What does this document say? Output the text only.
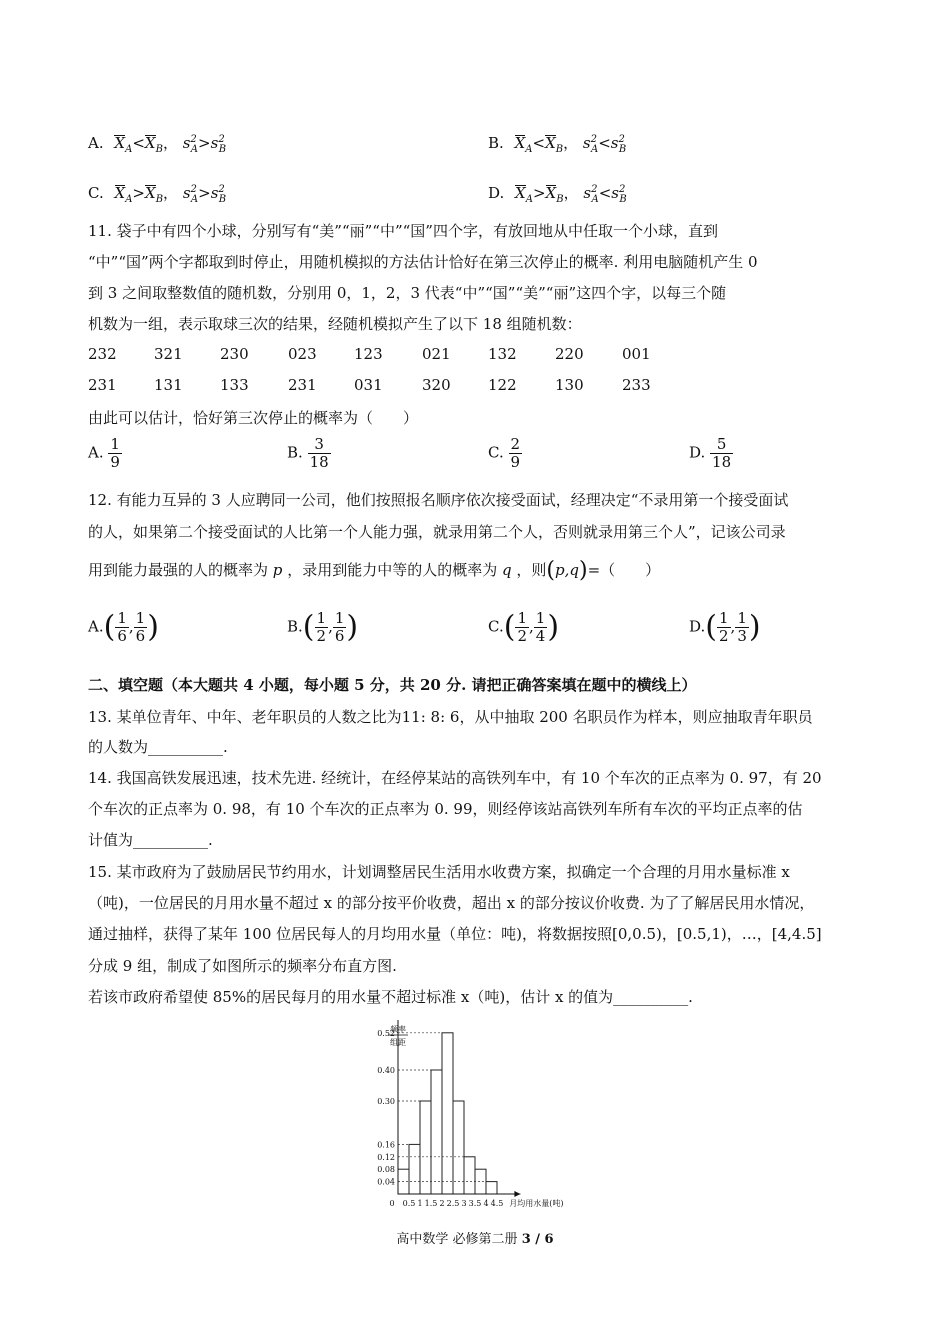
A. $X_A<X_B$， $s^2_A>s^2_B$	B. $X_A<X_B$， $s^2_A<s^2_B$
C. $X_A>X_B$， $s^2_A>s^2_B$	D. $X_A>X_B$， $s^2_A<s^2_B$
11. 袋子中有四个小球，分别写有“美”“丽”“中”“国”四个字，有放回地从中任取一个小球，直到
“中”“国”两个字都取到时停止，用随机模拟的方法估计恰好在第三次停止的概率. 利用电脑随机产生 0
到 3 之间取整数值的随机数，分别用 0，1，2，3 代表“中”“国”“美”“丽”这四个字，以每三个随
机数为一组，表示取球三次的结果，经随机模拟产生了以下 18 组随机数：
232 321 230	023 123	021 132	220	001
231 131 133	231 031	320 122	130	233
由此可以估计，恰好第三次停止的概率为（　　）
A. $\frac{1}{9}$	B. $\frac{3}{18}$	C. $\frac{2}{9}$	D. $\frac{5}{18}$
12. 有能力互异的 3 人应聘同一公司，他们按照报名顺序依次接受面试，经理决定“不录用第一个接受面试
的人，如果第二个接受面试的人比第一个人能力强，就录用第二个人，否则就录用第三个人”，记该公司录
用到能力最强的人的概率为 p ，录用到能力中等的人的概率为 q ，则(p,q)=（　　）
$A.( \frac{1}{6}$ , $\frac{1}{6}$ )	$B.( \frac{1}{2}$ , $\frac{1}{6}$ )	$C.( \frac{1}{2}$ , $\frac{1}{4}$ )	$D.( \frac{1}{2}$ , $\frac{1}{3}$ )
二、填空题（本大题共 4 小题，每小题 5 分，共 20 分. 请把正确答案填在题中的横线上）
13. 某单位青年、中年、老年职员的人数之比为11: 8: 6，从中抽取 200 名职员作为样本，则应抽取青年职员
的人数为__________.
14. 我国高铁发展迅速，技术先进. 经统计，在经停某站的高铁列车中，有 10 个车次的正点率为 0. 97，有 20
个车次的正点率为 0. 98，有 10 个车次的正点率为 0. 99，则经停该站高铁列车所有车次的平均正点率的估
计值为__________.
15. 某市政府为了鼓励居民节约用水，计划调整居民生活用水收费方案，拟确定一个合理的月用水量标准 x
（吨)，一位居民的月用水量不超过 x 的部分按平价收费，超出 x 的部分按议价收费. 为了了解居民用水情况，
通过抽样，获得了某年 100 位居民每人的月均用水量（单位：吨)，将数据按照[0,0.5)，[0.5,1)，…，[4,4.5]
分成 9 组，制成了如图所示的频率分布直方图.
若该市政府希望使 85%的居民每月的用水量不超过标准 x（吨)，估计 x 的值为__________.
0.52
0.40
0.30
0.16
0.12
0.08
0.04
0.5 1 1.5 2 2.5 3 3.5 4 4.5
0
频率
组距
月均用水量(吨)
高中数学 必修第二册 3 / 6
